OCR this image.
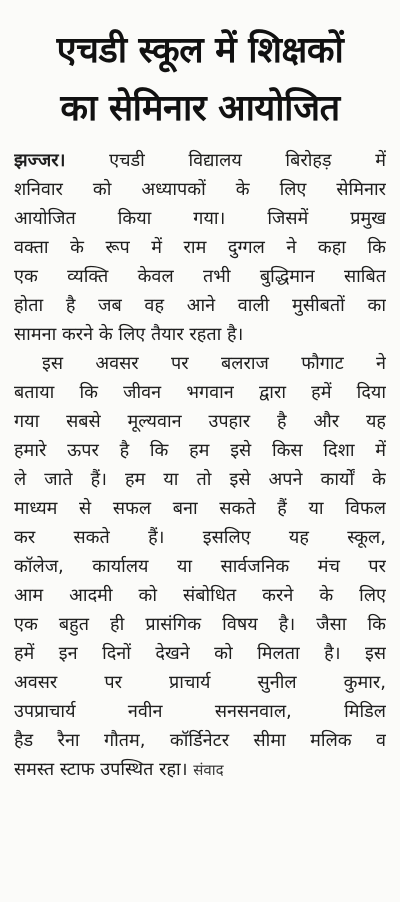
एचडी स्कूल में शिक्षकों
का सेमिनार आयोजित
झज्जर। एचडी विद्यालय बिरोहड़ में
शनिवार को अध्यापकों के लिए सेमिनार
आयोजित किया गया। जिसमें प्रमुख
वक्ता के रूप में राम दुग्गल ने कहा कि
एक व्यक्ति केवल तभी बुद्धिमान साबित
होता है जब वह आने वाली मुसीबतों का
सामना करने के लिए तैयार रहता है।
इस अवसर पर बलराज फौगाट ने
बताया कि जीवन भगवान द्वारा हमें दिया
गया सबसे मूल्यवान उपहार है और यह
हमारे ऊपर है कि हम इसे किस दिशा में
ले जाते हैं। हम या तो इसे अपने कार्यों के
माध्यम से सफल बना सकते हैं या विफल
कर सकते हैं। इसलिए यह स्कूल,
कॉलेज, कार्यालय या सार्वजनिक मंच पर
आम आदमी को संबोधित करने के लिए
एक बहुत ही प्रासंगिक विषय है। जैसा कि
हमें इन दिनों देखने को मिलता है। इस
अवसर पर प्राचार्य सुनील कुमार,
उपप्राचार्य नवीन सनसनवाल, मिडिल
हैड रैना गौतम, कॉर्डिनेटर सीमा मलिक व
समस्त स्टाफ उपस्थित रहा। संवाद
